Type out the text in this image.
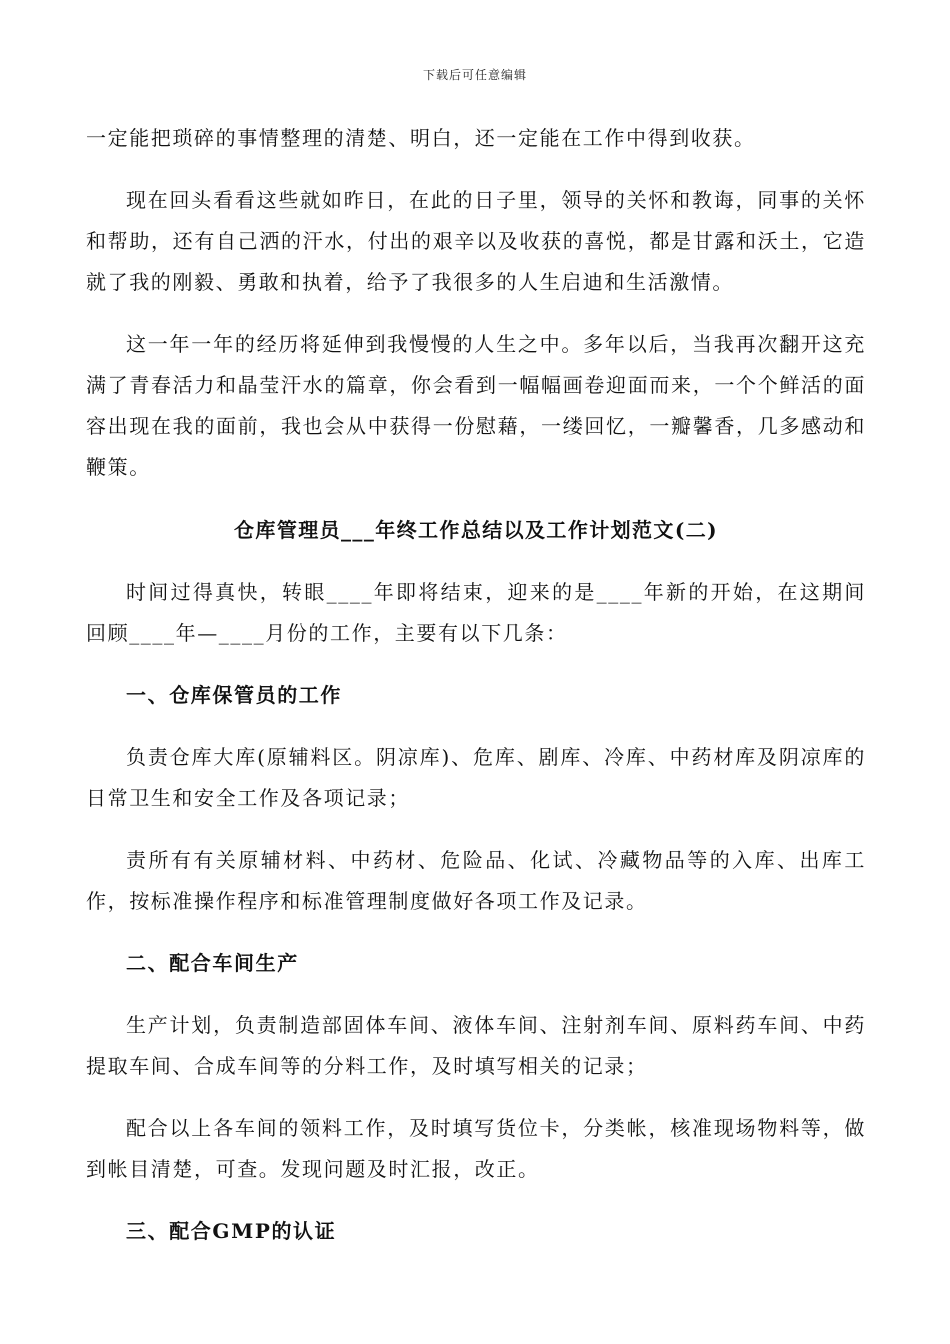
下载后可任意编辑

一定能把琐碎的事情整理的清楚、明白，还一定能在工作中得到收获。

现在回头看看这些就如昨日，在此的日子里，领导的关怀和教诲，同事的关怀和帮助，还有自己洒的汗水，付出的艰辛以及收获的喜悦，都是甘露和沃土，它造就了我的刚毅、勇敢和执着，给予了我很多的人生启迪和生活激情。

这一年一年的经历将延伸到我慢慢的人生之中。多年以后，当我再次翻开这充满了青春活力和晶莹汗水的篇章，你会看到一幅幅画卷迎面而来，一个个鲜活的面容出现在我的面前，我也会从中获得一份慰藉，一缕回忆，一瓣馨香，几多感动和鞭策。

仓库管理员___年终工作总结以及工作计划范文(二)

时间过得真快，转眼____年即将结束，迎来的是____年新的开始，在这期间回顾____年—____月份的工作，主要有以下几条：

一、仓库保管员的工作

负责仓库大库(原辅料区。阴凉库)、危库、剧库、冷库、中药材库及阴凉库的日常卫生和安全工作及各项记录；

责所有有关原辅材料、中药材、危险品、化试、冷藏物品等的入库、出库工作，按标准操作程序和标准管理制度做好各项工作及记录。

二、配合车间生产

生产计划，负责制造部固体车间、液体车间、注射剂车间、原料药车间、中药提取车间、合成车间等的分料工作，及时填写相关的记录；

配合以上各车间的领料工作，及时填写货位卡，分类帐，核准现场物料等，做到帐目清楚，可查。发现问题及时汇报，改正。

三、配合GMP的认证
